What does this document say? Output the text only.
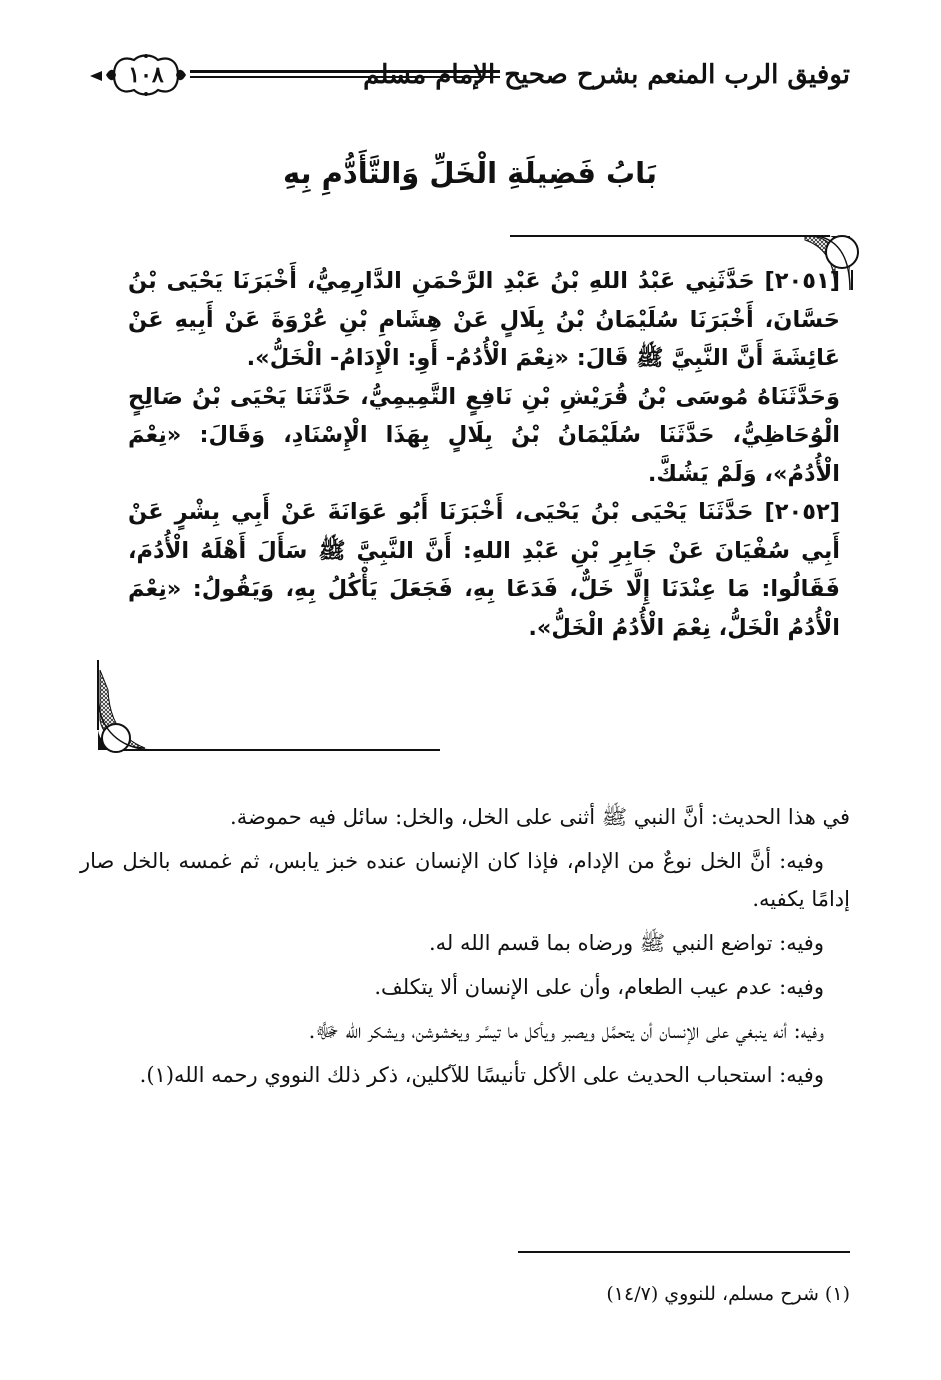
١٠٨	توفيق الرب المنعم بشرح صحيح الإمام مسلم
بَابُ فَضِيلَةِ الْخَلِّ وَالتَّأَدُّمِ بِهِ

[٢٠٥١] حَدَّثَنِي عَبْدُ اللهِ بْنُ عَبْدِ الرَّحْمَنِ الدَّارِمِيُّ، أَخْبَرَنَا يَحْيَى بْنُ حَسَّانَ، أَخْبَرَنَا سُلَيْمَانُ بْنُ بِلَالٍ عَنْ هِشَامِ بْنِ عُرْوَةَ عَنْ أَبِيهِ عَنْ عَائِشَةَ أَنَّ النَّبِيَّ ﷺ قَالَ: «نِعْمَ الْأُدُمُ- أَوِ: الْإِدَامُ- الْخَلُّ».

وَحَدَّثَنَاهُ مُوسَى بْنُ قُرَيْشِ بْنِ نَافِعٍ التَّمِيمِيُّ، حَدَّثَنَا يَحْيَى بْنُ صَالِحٍ الْوُحَاظِيُّ، حَدَّثَنَا سُلَيْمَانُ بْنُ بِلَالٍ بِهَذَا الْإِسْنَادِ، وَقَالَ: «نِعْمَ الْأُدُمُ»، وَلَمْ يَشُكَّ.

[٢٠٥٢] حَدَّثَنَا يَحْيَى بْنُ يَحْيَى، أَخْبَرَنَا أَبُو عَوَانَةَ عَنْ أَبِي بِشْرٍ عَنْ أَبِي سُفْيَانَ عَنْ جَابِرِ بْنِ عَبْدِ اللهِ: أَنَّ النَّبِيَّ ﷺ سَأَلَ أَهْلَهُ الْأُدُمَ، فَقَالُوا: مَا عِنْدَنَا إِلَّا خَلٌّ، فَدَعَا بِهِ، فَجَعَلَ يَأْكُلُ بِهِ، وَيَقُولُ: «نِعْمَ الْأُدُمُ الْخَلُّ، نِعْمَ الْأُدُمُ الْخَلُّ».

في هذا الحديث: أنَّ النبي ﷺ أثنى على الخل، والخل: سائل فيه حموضة.

وفيه: أنَّ الخل نوعٌ من الإدام، فإذا كان الإنسان عنده خبز يابس، ثم غمسه بالخل صار إدامًا يكفيه.

وفيه: تواضع النبي ﷺ ورضاه بما قسم الله له.

وفيه: عدم عيب الطعام، وأن على الإنسان ألا يتكلف.

وفيه: أنه ينبغي على الإنسان أن يتحمَّل ويصبر ويأكل ما تيسَّر ويخشوشن، ويشكر الله ﷻ.

وفيه: استحباب الحديث على الأكل تأنيسًا للآكلين، ذكر ذلك النووي رحمه الله(١).

(١) شرح مسلم، للنووي (١٤/٧)
